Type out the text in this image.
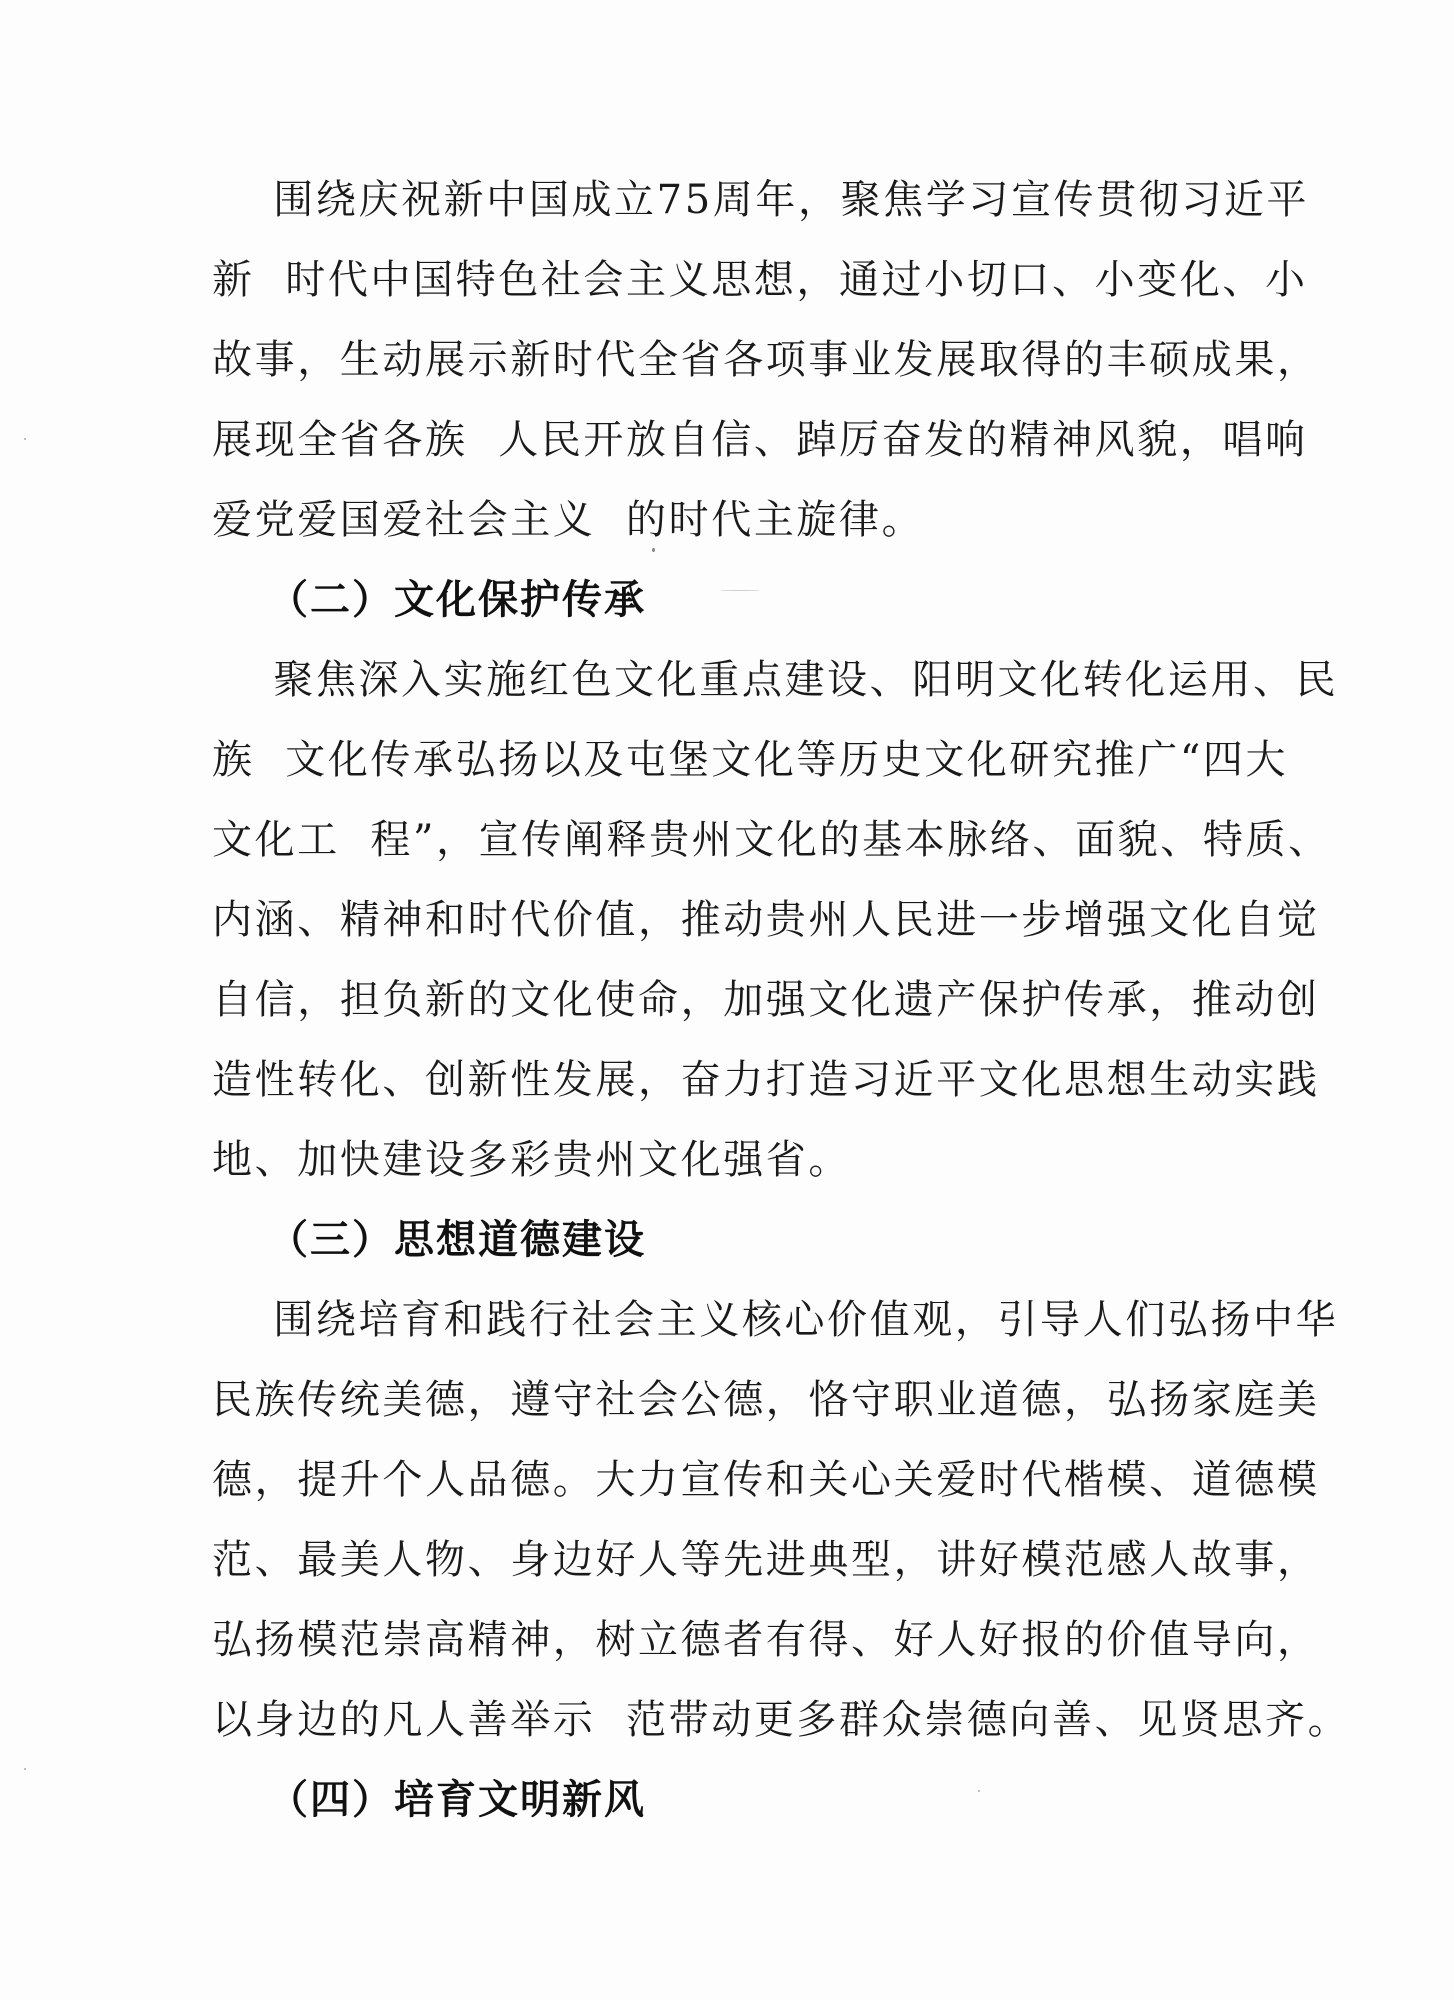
围绕庆祝新中国成立75周年，聚焦学习宣传贯彻习近平
新  时代中国特色社会主义思想，通过小切口、小变化、小
故事，生动展示新时代全省各项事业发展取得的丰硕成果，
展现全省各族  人民开放自信、踔厉奋发的精神风貌，唱响
爱党爱国爱社会主义  的时代主旋律。
（二）文化保护传承
聚焦深入实施红色文化重点建设、阳明文化转化运用、民
族  文化传承弘扬以及屯堡文化等历史文化研究推广“四大
文化工  程”，宣传阐释贵州文化的基本脉络、面貌、特质、
内涵、精神和时代价值，推动贵州人民进一步增强文化自觉
自信，担负新的文化使命，加强文化遗产保护传承，推动创
造性转化、创新性发展，奋力打造习近平文化思想生动实践
地、加快建设多彩贵州文化强省。
（三）思想道德建设
围绕培育和践行社会主义核心价值观，引导人们弘扬中华
民族传统美德，遵守社会公德，恪守职业道德，弘扬家庭美
德，提升个人品德。大力宣传和关心关爱时代楷模、道德模
范、最美人物、身边好人等先进典型，讲好模范感人故事，
弘扬模范崇高精神，树立德者有得、好人好报的价值导向，
以身边的凡人善举示  范带动更多群众崇德向善、见贤思齐。
（四）培育文明新风
